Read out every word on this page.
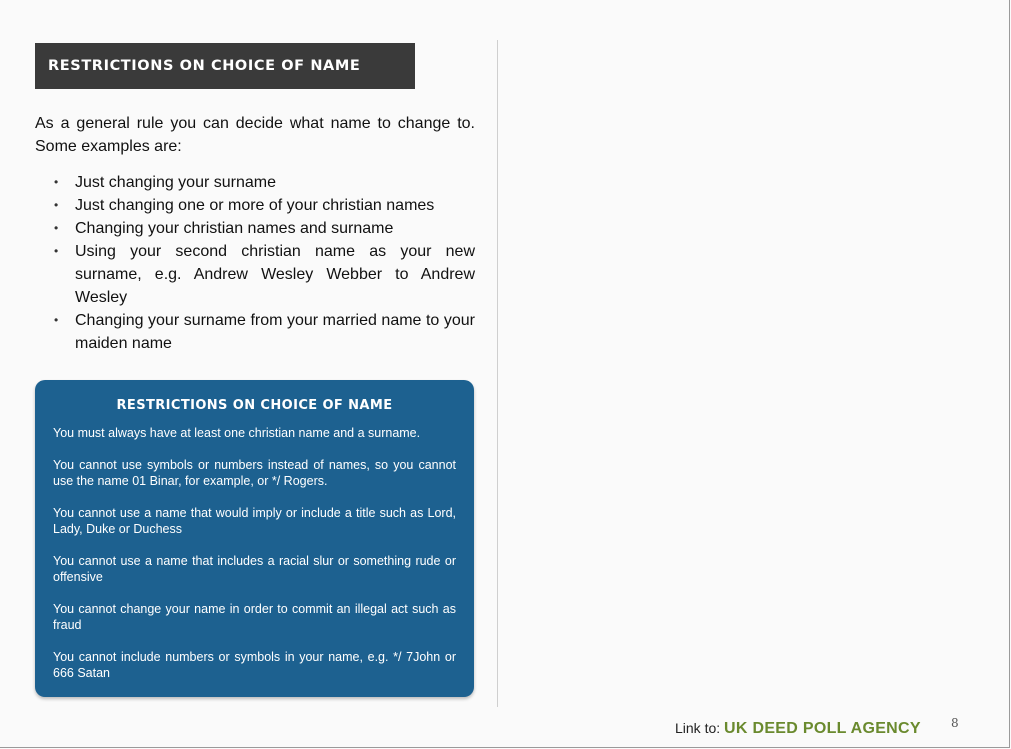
RESTRICTIONS ON CHOICE OF NAME
As a general rule you can decide what name to change to. Some examples are:
• Just changing your surname
• Just changing one or more of your christian names
• Changing your christian names and surname
• Using your second christian name as your new surname, e.g. Andrew Wesley Webber to Andrew Wesley
• Changing your surname from your married name to your maiden name
RESTRICTIONS ON CHOICE OF NAME

You must always have at least one christian name and a surname.

You cannot use symbols or numbers instead of names, so you cannot use the name 01 Binar, for example, or */ Rogers.

You cannot use a name that would imply or include a title such as Lord, Lady, Duke or Duchess

You cannot use a name that includes a racial slur or something rude or offensive

You cannot change your name in order to commit an illegal act such as fraud

You cannot include numbers or symbols in your name, e.g. */ 7John or 666 Satan

Link to: UK DEED POLL AGENCY	8
